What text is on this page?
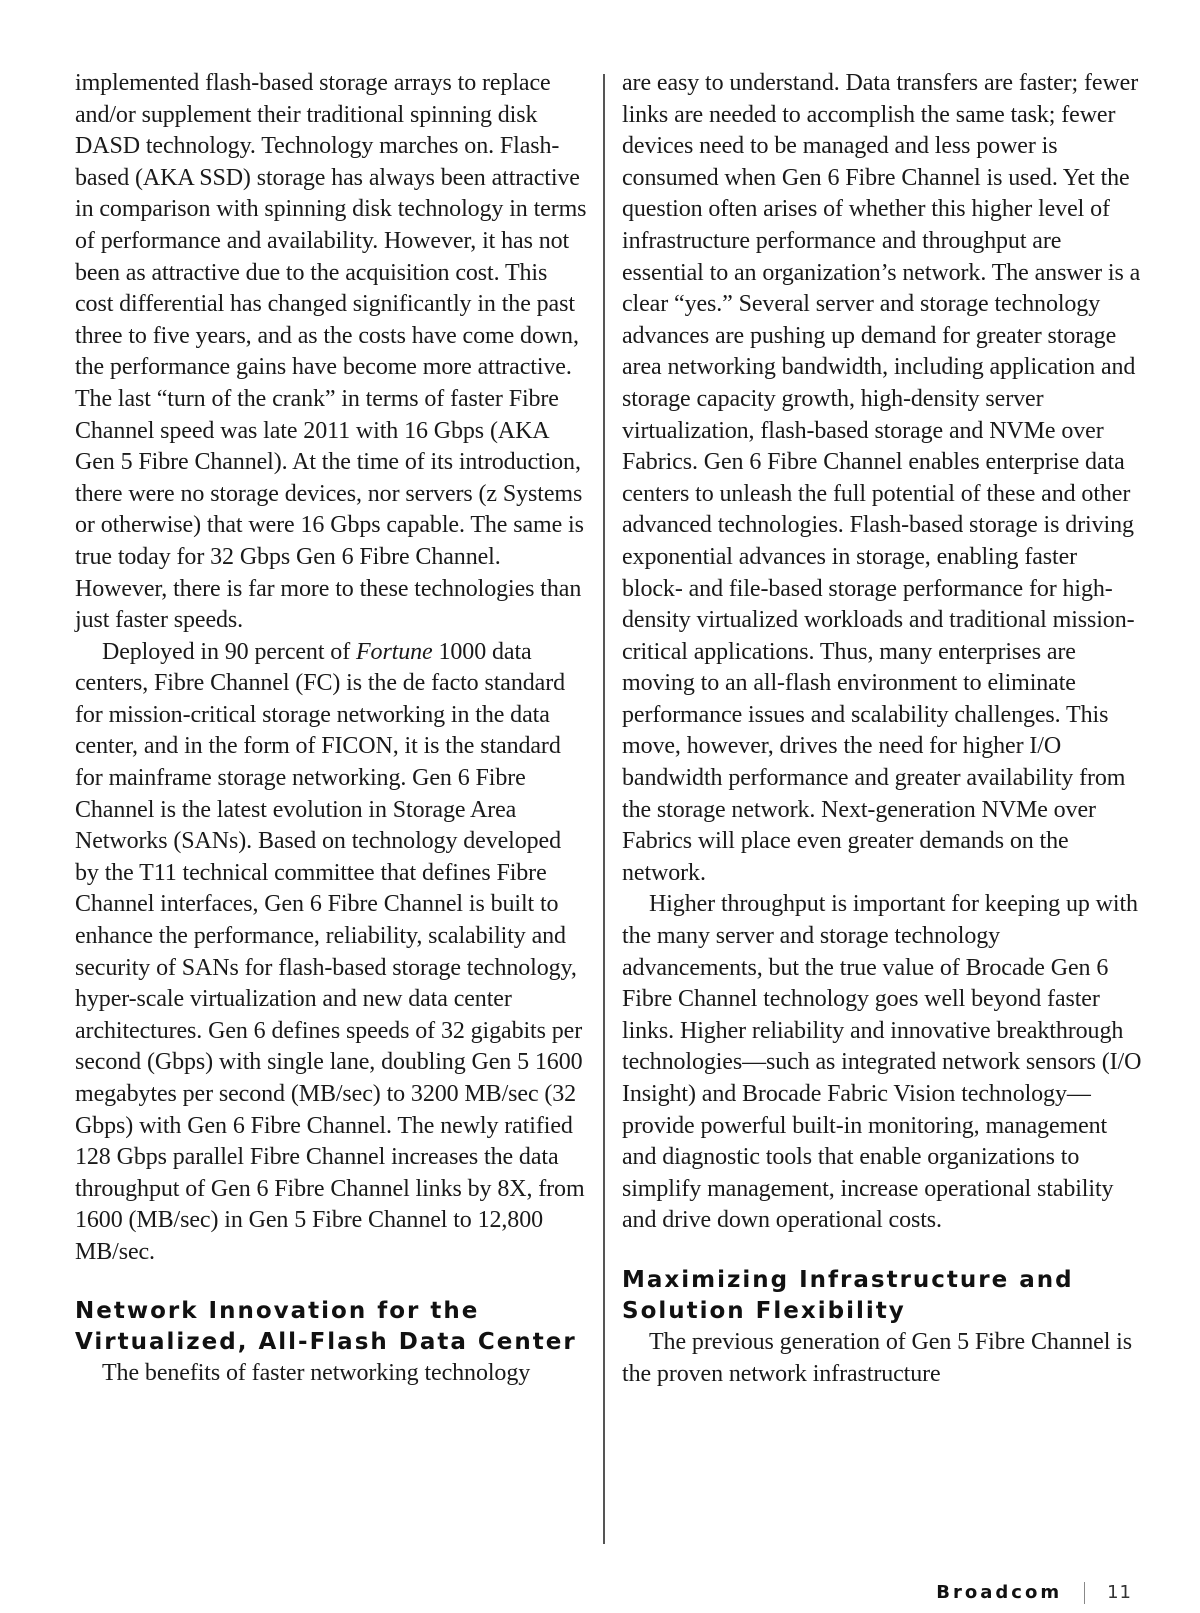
implemented flash-based storage arrays to replace and/or supplement their traditional spinning disk DASD technology. Technology marches on. Flash-based (AKA SSD) storage has always been attractive in comparison with spinning disk technology in terms of performance and availability. However, it has not been as attractive due to the acquisition cost. This cost differential has changed significantly in the past three to five years, and as the costs have come down, the performance gains have become more attractive. The last “turn of the crank” in terms of faster Fibre Channel speed was late 2011 with 16 Gbps (AKA Gen 5 Fibre Channel). At the time of its introduction, there were no storage devices, nor servers (z Systems or otherwise) that were 16 Gbps capable. The same is true today for 32 Gbps Gen 6 Fibre Channel. However, there is far more to these technologies than just faster speeds.

Deployed in 90 percent of Fortune 1000 data centers, Fibre Channel (FC) is the de facto standard for mission-critical storage networking in the data center, and in the form of FICON, it is the standard for mainframe storage networking. Gen 6 Fibre Channel is the latest evolution in Storage Area Networks (SANs). Based on technology developed by the T11 technical committee that defines Fibre Channel interfaces, Gen 6 Fibre Channel is built to enhance the performance, reliability, scalability and security of SANs for flash-based storage technology, hyper-scale virtualization and new data center architectures. Gen 6 defines speeds of 32 gigabits per second (Gbps) with single lane, doubling Gen 5 1600 megabytes per second (MB/sec) to 3200 MB/sec (32 Gbps) with Gen 6 Fibre Channel. The newly ratified 128 Gbps parallel Fibre Channel increases the data throughput of Gen 6 Fibre Channel links by 8X, from 1600 (MB/sec) in Gen 5 Fibre Channel to 12,800 MB/sec.

Network Innovation for the
Virtualized, All-Flash Data Center

The benefits of faster networking technology

are easy to understand. Data transfers are faster; fewer links are needed to accomplish the same task; fewer devices need to be managed and less power is consumed when Gen 6 Fibre Channel is used. Yet the question often arises of whether this higher level of infrastructure performance and throughput are essential to an organization’s network. The answer is a clear “yes.” Several server and storage technology advances are pushing up demand for greater storage area networking bandwidth, including application and storage capacity growth, high-density server virtualization, flash-based storage and NVMe over Fabrics. Gen 6 Fibre Channel enables enterprise data centers to unleash the full potential of these and other advanced technologies. Flash-based storage is driving exponential advances in storage, enabling faster block- and file-based storage performance for high-density virtualized workloads and traditional mission-critical applications. Thus, many enterprises are moving to an all-flash environment to eliminate performance issues and scalability challenges. This move, however, drives the need for higher I/O bandwidth performance and greater availability from the storage network. Next-generation NVMe over Fabrics will place even greater demands on the network.

Higher throughput is important for keeping up with the many server and storage technology advancements, but the true value of Brocade Gen 6 Fibre Channel technology goes well beyond faster links. Higher reliability and innovative breakthrough technologies—such as integrated network sensors (I/O Insight) and Brocade Fabric Vision technology—provide powerful built-in monitoring, management and diagnostic tools that enable organizations to simplify management, increase operational stability and drive down operational costs.

Maximizing Infrastructure and
Solution Flexibility

The previous generation of Gen 5 Fibre Channel is the proven network infrastructure

Broadcom	11
